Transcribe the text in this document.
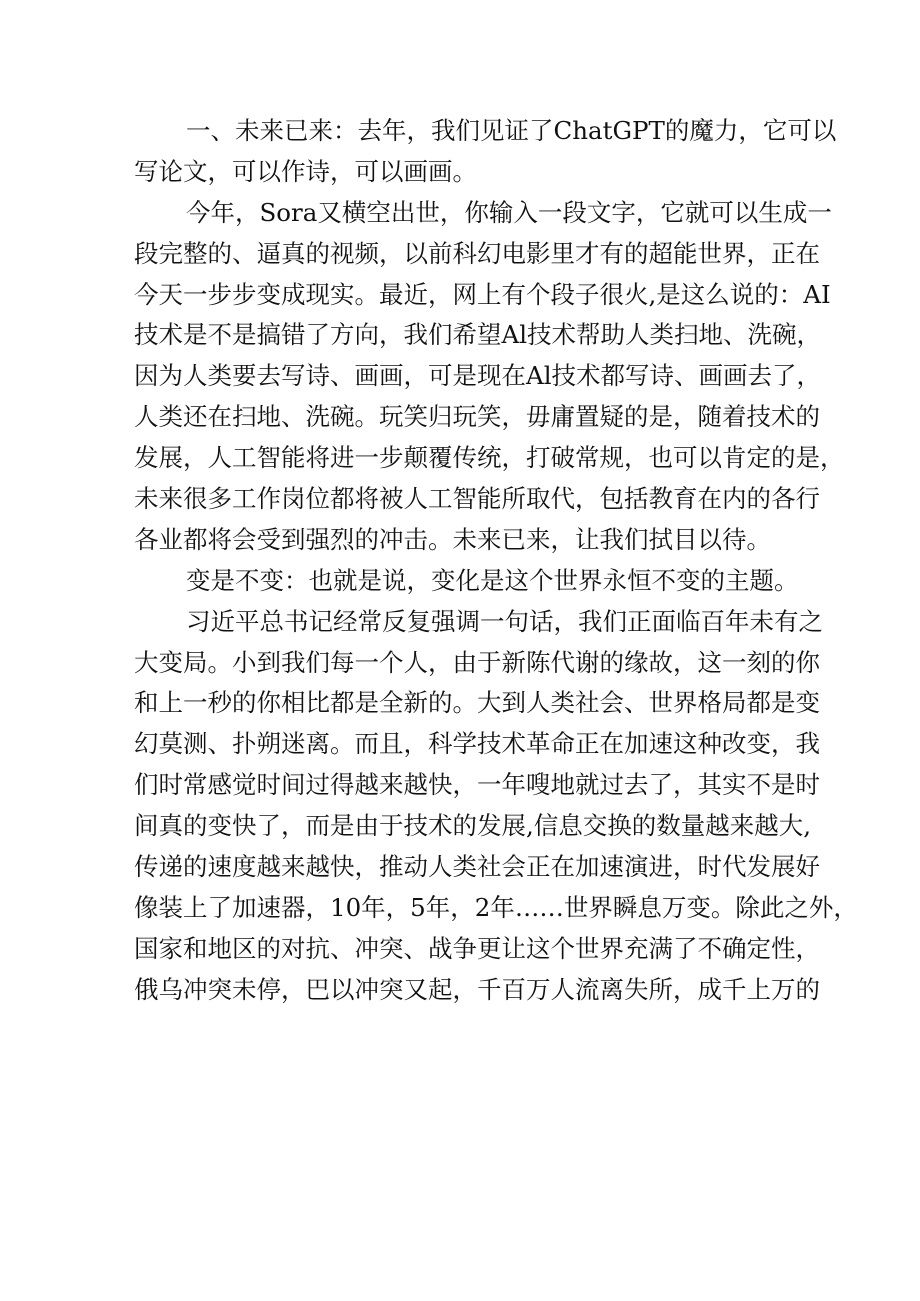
一、未来已来：去年，我们见证了ChatGPT的魔力，它可以
写论文，可以作诗，可以画画。
今年，Sora又横空出世，你输入一段文字，它就可以生成一
段完整的、逼真的视频，以前科幻电影里才有的超能世界，正在
今天一步步变成现实。最近，网上有个段子很火,是这么说的：AI
技术是不是搞错了方向，我们希望Al技术帮助人类扫地、洗碗，
因为人类要去写诗、画画，可是现在Al技术都写诗、画画去了，
人类还在扫地、洗碗。玩笑归玩笑，毋庸置疑的是，随着技术的
发展，人工智能将进一步颠覆传统，打破常规，也可以肯定的是，
未来很多工作岗位都将被人工智能所取代，包括教育在内的各行
各业都将会受到强烈的冲击。未来已来，让我们拭目以待。
变是不变：也就是说，变化是这个世界永恒不变的主题。
习近平总书记经常反复强调一句话，我们正面临百年未有之
大变局。小到我们每一个人，由于新陈代谢的缘故，这一刻的你
和上一秒的你相比都是全新的。大到人类社会、世界格局都是变
幻莫测、扑朔迷离。而且，科学技术革命正在加速这种改变，我
们时常感觉时间过得越来越快，一年嗖地就过去了，其实不是时
间真的变快了，而是由于技术的发展,信息交换的数量越来越大,
传递的速度越来越快，推动人类社会正在加速演进，时代发展好
像装上了加速器，10年，5年，2年……世界瞬息万变。除此之外，
国家和地区的对抗、冲突、战争更让这个世界充满了不确定性，
俄乌冲突未停，巴以冲突又起，千百万人流离失所，成千上万的
